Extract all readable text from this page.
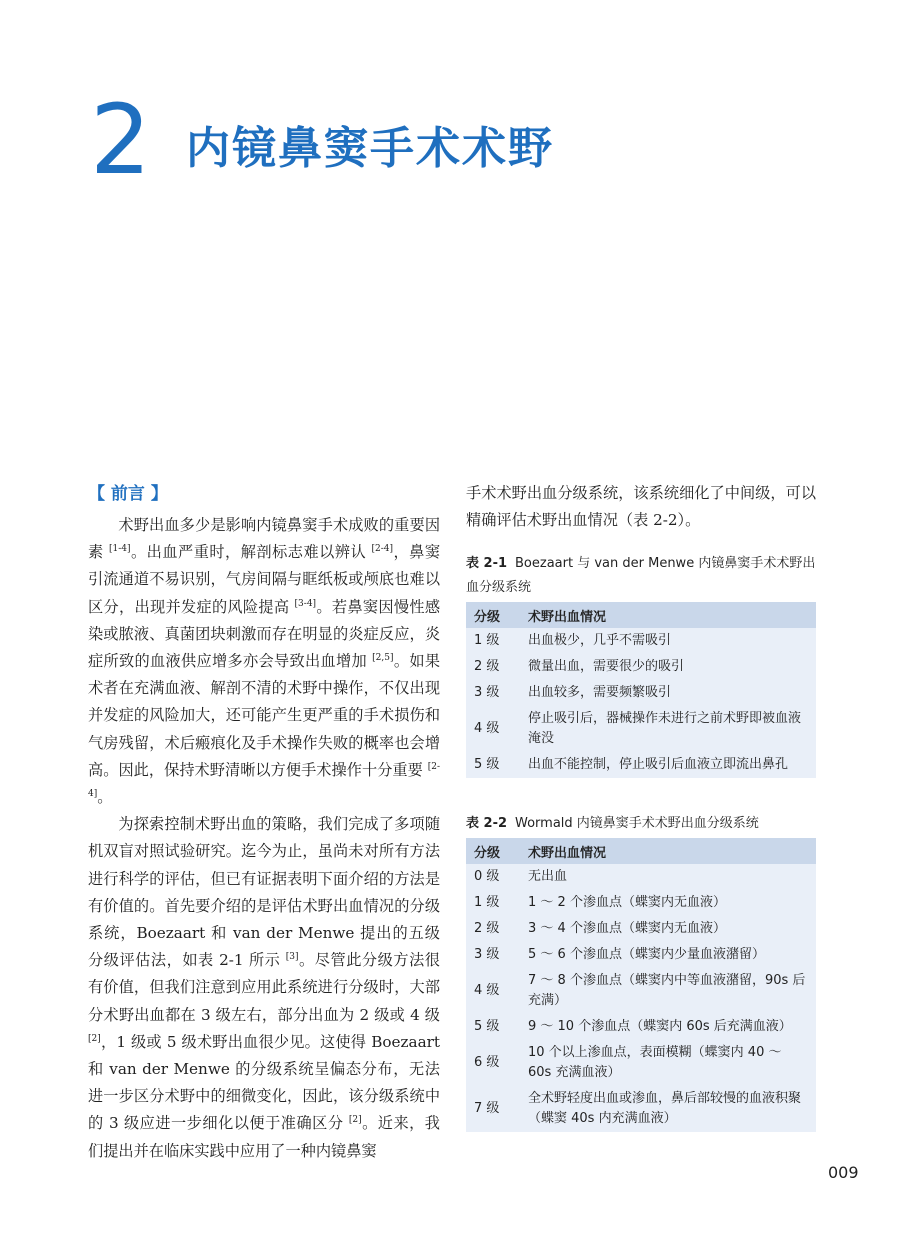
2 内镜鼻窦手术术野
【 前言 】

术野出血多少是影响内镜鼻窦手术成败的重要因素 [1-4]。出血严重时，解剖标志难以辨认 [2-4]，鼻窦引流通道不易识别，气房间隔与眶纸板或颅底也难以区分，出现并发症的风险提高 [3-4]。若鼻窦因慢性感染或脓液、真菌团块刺激而存在明显的炎症反应，炎症所致的血液供应增多亦会导致出血增加 [2,5]。如果术者在充满血液、解剖不清的术野中操作，不仅出现并发症的风险加大，还可能产生更严重的手术损伤和气房残留，术后瘢痕化及手术操作失败的概率也会增高。因此，保持术野清晰以方便手术操作十分重要 [2-4]。

为探索控制术野出血的策略，我们完成了多项随机双盲对照试验研究。迄今为止，虽尚未对所有方法进行科学的评估，但已有证据表明下面介绍的方法是有价值的。首先要介绍的是评估术野出血情况的分级系统，Boezaart 和 van der Menwe 提出的五级分级评估法，如表 2-1 所示 [3]。尽管此分级方法很有价值，但我们注意到应用此系统进行分级时，大部分术野出血都在 3 级左右，部分出血为 2 级或 4 级 [2]，1 级或 5 级术野出血很少见。这使得 Boezaart 和 van der Menwe 的分级系统呈偏态分布，无法进一步区分术野中的细微变化，因此，该分级系统中的 3 级应进一步细化以便于准确区分 [2]。近来，我们提出并在临床实践中应用了一种内镜鼻窦

手术术野出血分级系统，该系统细化了中间级，可以精确评估术野出血情况（表 2-2）。

表 2-1 Boezaart 与 van der Menwe 内镜鼻窦手术术野出血分级系统
分级	术野出血情况
1 级	出血极少，几乎不需吸引
2 级	微量出血，需要很少的吸引
3 级	出血较多，需要频繁吸引
4 级	停止吸引后，器械操作未进行之前术野即被血液淹没
5 级	出血不能控制，停止吸引后血液立即流出鼻孔
表 2-2 Wormald 内镜鼻窦手术术野出血分级系统
分级	术野出血情况
0 级	无出血
1 级	1 ～ 2 个渗血点（蝶窦内无血液）
2 级	3 ～ 4 个渗血点（蝶窦内无血液）
3 级	5 ～ 6 个渗血点（蝶窦内少量血液潴留）
4 级	7 ～ 8 个渗血点（蝶窦内中等血液潴留，90s 后充满）
5 级	9 ～ 10 个渗血点（蝶窦内 60s 后充满血液）
6 级	10 个以上渗血点，表面模糊（蝶窦内 40 ～ 60s 充满血液）
7 级	全术野轻度出血或渗血，鼻后部较慢的血液积聚（蝶窦 40s 内充满血液）
009
